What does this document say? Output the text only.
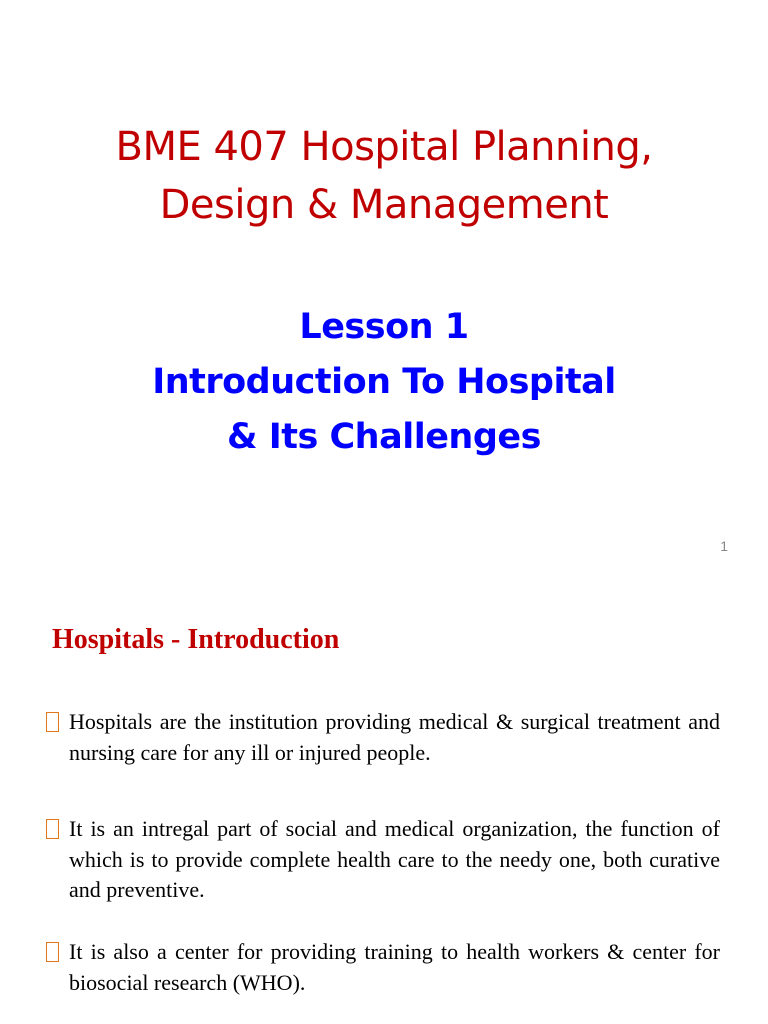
BME 407 Hospital Planning,
Design & Management
Lesson 1
Introduction To Hospital
& Its Challenges
1
Hospitals - Introduction
Hospitals are the institution providing medical & surgical treatment and nursing care for any ill or injured people.
It is an intregal part of social and medical organization, the function of which is to provide complete health care to the needy one, both curative and preventive.
It is also a center for providing training to health workers & center for biosocial research (WHO).
